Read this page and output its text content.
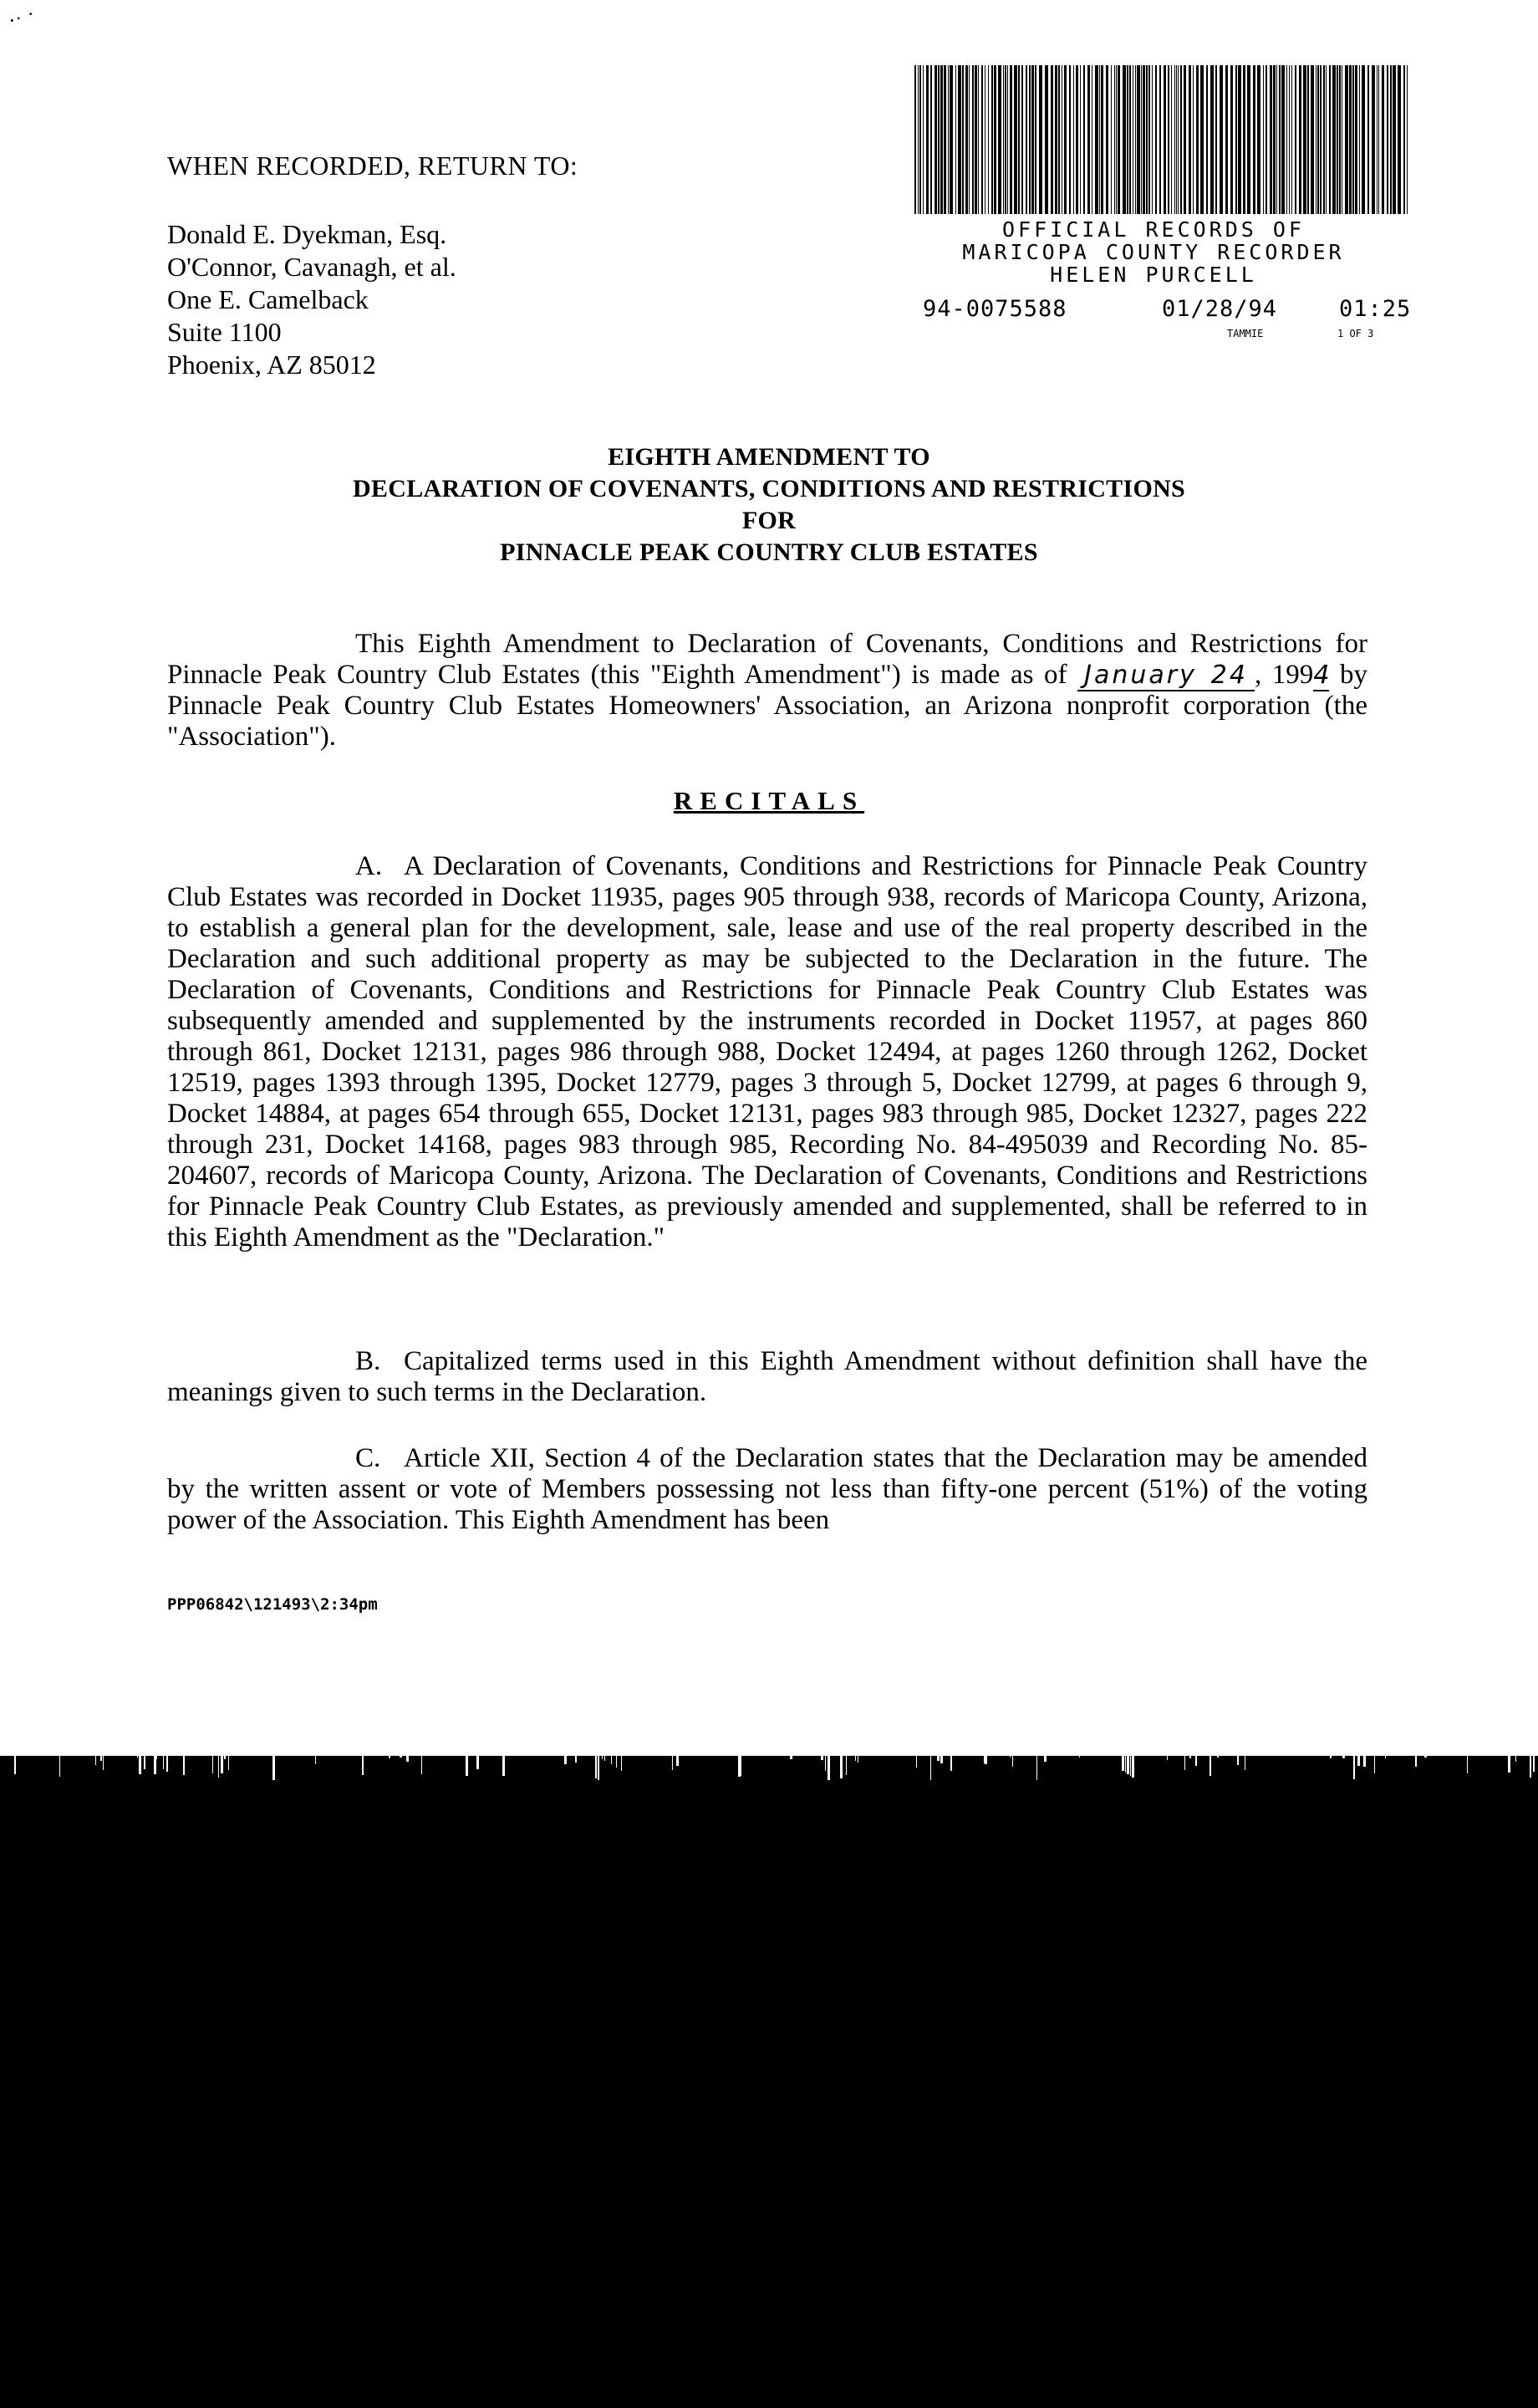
·ˑ ˙
WHEN RECORDED, RETURN TO:
Donald E. Dyekman, Esq.
O'Connor, Cavanagh, et al.
One E. Camelback
Suite 1100
Phoenix, AZ 85012
OFFICIAL RECORDS OF
MARICOPA COUNTY RECORDER
HELEN PURCELL
94-0075588	01/28/94	01:25
TAMMIE	1 OF 3
EIGHTH AMENDMENT TO
DECLARATION OF COVENANTS, CONDITIONS AND RESTRICTIONS
FOR
PINNACLE PEAK COUNTRY CLUB ESTATES
This Eighth Amendment to Declaration of Covenants, Conditions and Restrictions for Pinnacle Peak Country Club Estates (this "Eighth Amendment") is made as of January 24 , 1994 by Pinnacle Peak Country Club Estates Homeowners' Association, an Arizona nonprofit corporation (the "Association").
RECITALS
A. A Declaration of Covenants, Conditions and Restrictions for Pinnacle Peak Country Club Estates was recorded in Docket 11935, pages 905 through 938, records of Maricopa County, Arizona, to establish a general plan for the development, sale, lease and use of the real property described in the Declaration and such additional property as may be subjected to the Declaration in the future. The Declaration of Covenants, Conditions and Restrictions for Pinnacle Peak Country Club Estates was subsequently amended and supplemented by the instruments recorded in Docket 11957, at pages 860 through 861, Docket 12131, pages 986 through 988, Docket 12494, at pages 1260 through 1262, Docket 12519, pages 1393 through 1395, Docket 12779, pages 3 through 5, Docket 12799, at pages 6 through 9, Docket 14884, at pages 654 through 655, Docket 12131, pages 983 through 985, Docket 12327, pages 222 through 231, Docket 14168, pages 983 through 985, Recording No. 84-495039 and Recording No. 85-204607, records of Maricopa County, Arizona. The Declaration of Covenants, Conditions and Restrictions for Pinnacle Peak Country Club Estates, as previously amended and supplemented, shall be referred to in this Eighth Amendment as the "Declaration."
B. Capitalized terms used in this Eighth Amendment without definition shall have the meanings given to such terms in the Declaration.
C. Article XII, Section 4 of the Declaration states that the Declaration may be amended by the written assent or vote of Members possessing not less than fifty-one percent (51%) of the voting power of the Association. This Eighth Amendment has been
PPP06842\121493\2:34pm
